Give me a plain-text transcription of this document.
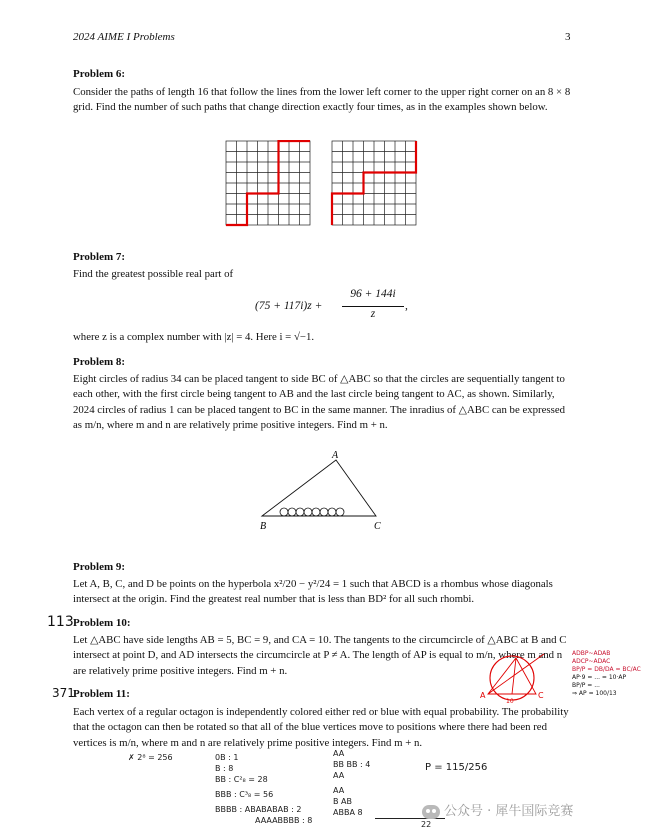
2024 AIME I Problems	3
Problem 6:
Consider the paths of length 16 that follow the lines from the lower left corner to the upper right corner on an 8 × 8 grid. Find the number of such paths that change direction exactly four times, as in the examples shown below.
Problem 7:
Find the greatest possible real part of
(75 + 117i)z +
96 + 144i
z
,
where z is a complex number with |z| = 4. Here i = √−1.
Problem 8:
Eight circles of radius 34 can be placed tangent to side BC of △ABC so that the circles are sequentially tangent to each other, with the first circle being tangent to AB and the last circle being tangent to AC, as shown. Similarly, 2024 circles of radius 1 can be placed tangent to BC in the same manner. The inradius of △ABC can be expressed as m/n, where m and n are relatively prime positive integers. Find m + n.
A
B	C
Problem 9:
Let A, B, C, and D be points on the hyperbola x²/20 − y²/24 = 1 such that ABCD is a rhombus whose diagonals intersect at the origin. Find the greatest real number that is less than BD² for all such rhombi.
113 Problem 10:
Let △ABC have side lengths AB = 5, BC = 9, and CA = 10. The tangents to the circumcircle of △ABC at B and C intersect at point D, and AD intersects the circumcircle at P ≠ A. The length of AP is equal to m/n, where m and n are relatively prime positive integers. Find m + n.
A	C
10
ADBP~ADAB
ADCP~ADAC
BP/P = DB/DA = BC/AC
AP·9 = ... = 10·AP
BP/P = ...
⇒ AP = 100/13
371
Problem 11:
Each vertex of a regular octagon is independently colored either red or blue with equal probability. The probability that the octagon can then be rotated so that all of the blue vertices move to positions where there had been red vertices is m/n, where m and n are relatively prime positive integers. Find m + n.
✗ 2⁸ = 256	0B : 1
B : 8
BB : C²₈ = 28
BBB : C³₈ = 56
BBBB : ABABABAB : 2
AAAABBBB : 8
AA
BB BB : 4
AA
AA
B AB
ABBA 8
22
P = 115/256
公众号 · 犀牛国际竞赛
